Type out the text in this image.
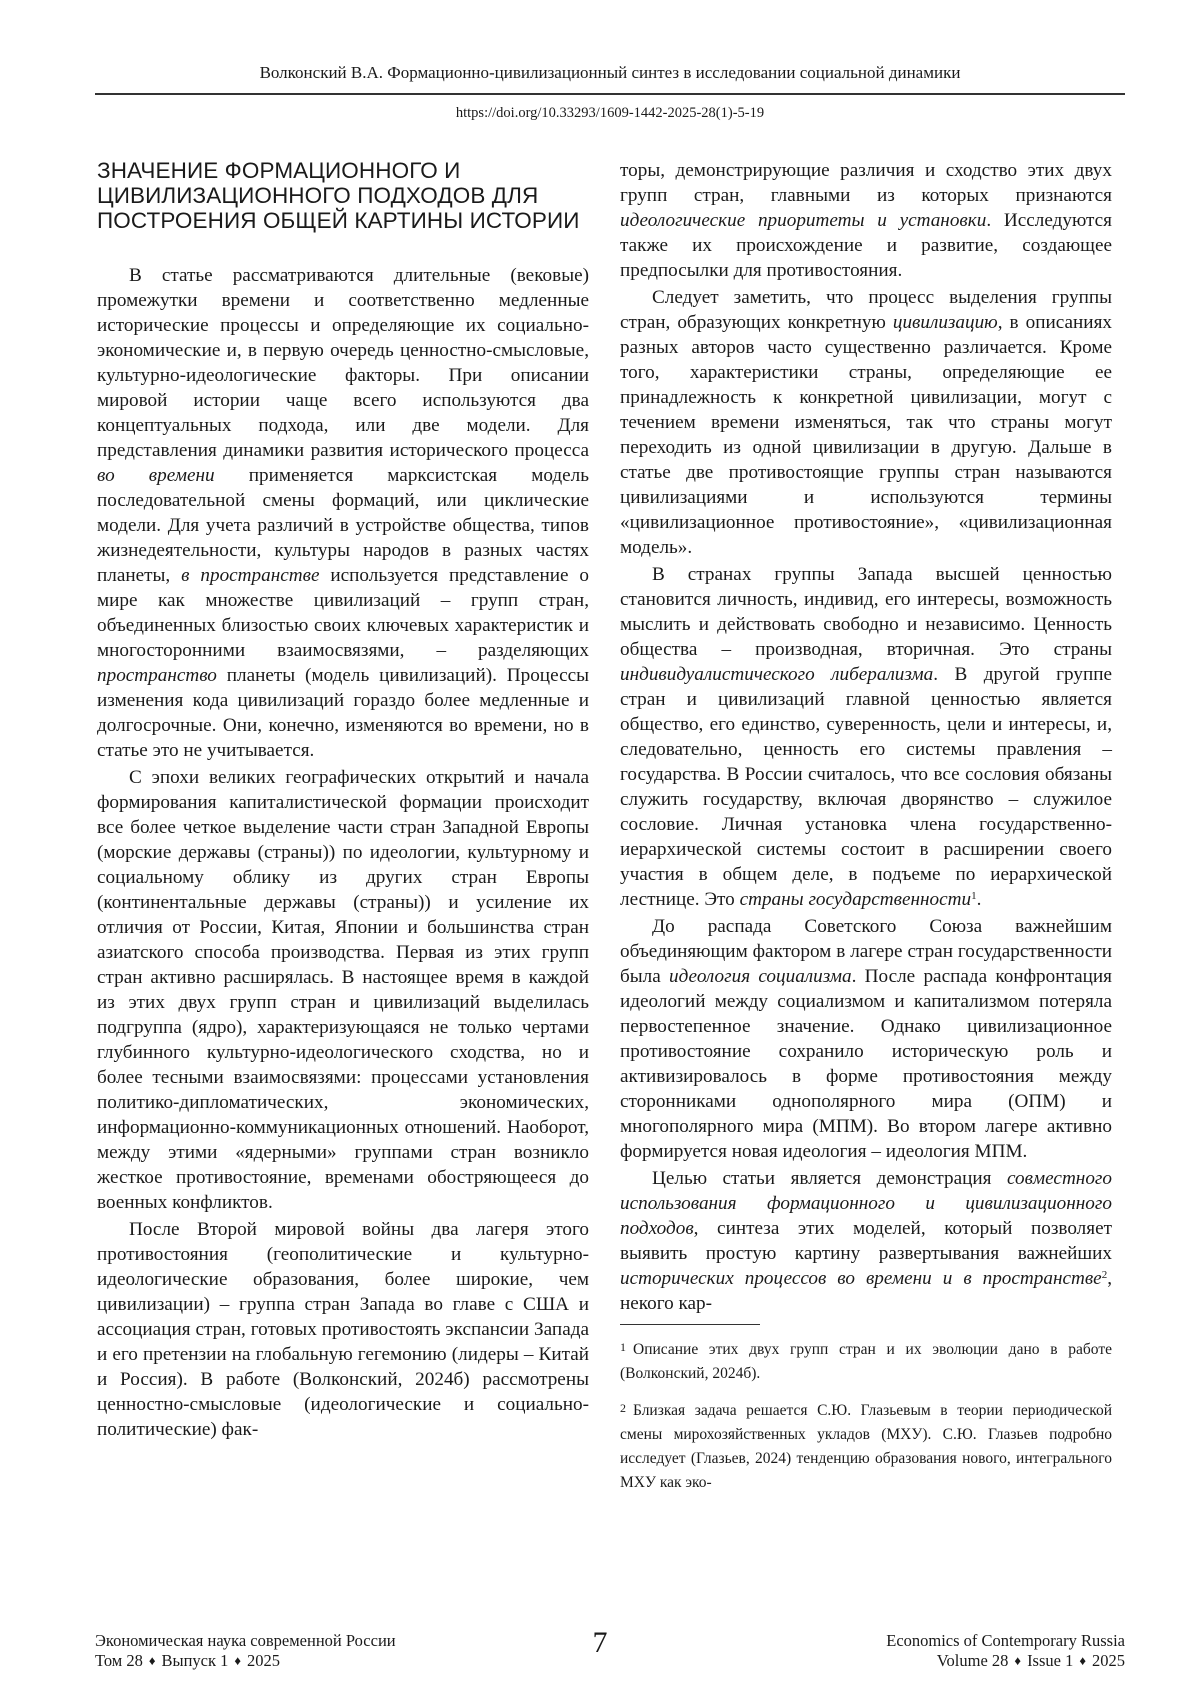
Волконский В.А. Формационно-цивилизационный синтез в исследовании социальной динамики
https://doi.org/10.33293/1609-1442-2025-28(1)-5-19
ЗНАЧЕНИЕ ФОРМАЦИОННОГО И ЦИВИЛИЗАЦИОННОГО ПОДХОДОВ ДЛЯ ПОСТРОЕНИЯ ОБЩЕЙ КАРТИНЫ ИСТОРИИ

В статье рассматриваются длительные (вековые) промежутки времени и соответственно медленные исторические процессы и определяющие их социально-экономические и, в первую очередь ценностно-смысловые, культурно-идеологические факторы. При описании мировой истории чаще всего используются два концептуальных подхода, или две модели. Для представления динамики развития исторического процесса во времени применяется марксистская модель последовательной смены формаций, или циклические модели. Для учета различий в устройстве общества, типов жизнедеятельности, культуры народов в разных частях планеты, в пространстве используется представление о мире как множестве цивилизаций – групп стран, объединенных близостью своих ключевых характеристик и многосторонними взаимосвязями, – разделяющих пространство планеты (модель цивилизаций). Процессы изменения кода цивилизаций гораздо более медленные и долгосрочные. Они, конечно, изменяются во времени, но в статье это не учитывается.

С эпохи великих географических открытий и начала формирования капиталистической формации происходит все более четкое выделение части стран Западной Европы (морские державы (страны)) по идеологии, культурному и социальному облику из других стран Европы (континентальные державы (страны)) и усиление их отличия от России, Китая, Японии и большинства стран азиатского способа производства. Первая из этих групп стран активно расширялась. В настоящее время в каждой из этих двух групп стран и цивилизаций выделилась подгруппа (ядро), характеризующаяся не только чертами глубинного культурно-идеологического сходства, но и более тесными взаимосвязями: процессами установления политико-дипломатических, экономических, информационно-коммуникационных отношений. Наоборот, между этими «ядерными» группами стран возникло жесткое противостояние, временами обостряющееся до военных конфликтов.

После Второй мировой войны два лагеря этого противостояния (геополитические и культурно-идеологические образования, более широкие, чем цивилизации) – группа стран Запада во главе с США и ассоциация стран, готовых противостоять экспансии Запада и его претензии на глобальную гегемонию (лидеры – Китай и Россия). В работе (Волконский, 2024б) рассмотрены ценностно-смысловые (идеологические и социально-политические) фак-

торы, демонстрирующие различия и сходство этих двух групп стран, главными из которых признаются идеологические приоритеты и установки. Исследуются также их происхождение и развитие, создающее предпосылки для противостояния.

Следует заметить, что процесс выделения группы стран, образующих конкретную цивилизацию, в описаниях разных авторов часто существенно различается. Кроме того, характеристики страны, определяющие ее принадлежность к конкретной цивилизации, могут с течением времени изменяться, так что страны могут переходить из одной цивилизации в другую. Дальше в статье две противостоящие группы стран называются цивилизациями и используются термины «цивилизационное противостояние», «цивилизационная модель».

В странах группы Запада высшей ценностью становится личность, индивид, его интересы, возможность мыслить и действовать свободно и независимо. Ценность общества – производная, вторичная. Это страны индивидуалистического либерализма. В другой группе стран и цивилизаций главной ценностью является общество, его единство, суверенность, цели и интересы, и, следовательно, ценность его системы правления – государства. В России считалось, что все сословия обязаны служить государству, включая дворянство – служилое сословие. Личная установка члена государственно-иерархической системы состоит в расширении своего участия в общем деле, в подъеме по иерархической лестнице. Это страны государственности$^1$.

До распада Советского Союза важнейшим объединяющим фактором в лагере стран государственности была идеология социализма. После распада конфронтация идеологий между социализмом и капитализмом потеряла первостепенное значение. Однако цивилизационное противостояние сохранило историческую роль и активизировалось в форме противостояния между сторонниками однополярного мира (ОПМ) и многополярного мира (МПМ). Во втором лагере активно формируется новая идеология – идеология МПМ.

Целью статьи является демонстрация совместного использования формационного и цивилизационного подходов, синтеза этих моделей, который позволяет выявить простую картину развертывания важнейших исторических процессов во времени и в пространстве$^2$, некого кар-

1 Описание этих двух групп стран и их эволюции дано в работе (Волконский, 2024б).

2 Близкая задача решается С.Ю. Глазьевым в теории периодической смены мирохозяйственных укладов (МХУ). С.Ю. Глазьев подробно исследует (Глазьев, 2024) тенденцию образования нового, интегрального МХУ как эко-

Экономическая наука современной России
Том 28 ♦ Выпуск 1 ♦ 2025
7	Economics of Contemporary Russia
Volume 28 ♦ Issue 1 ♦ 2025
